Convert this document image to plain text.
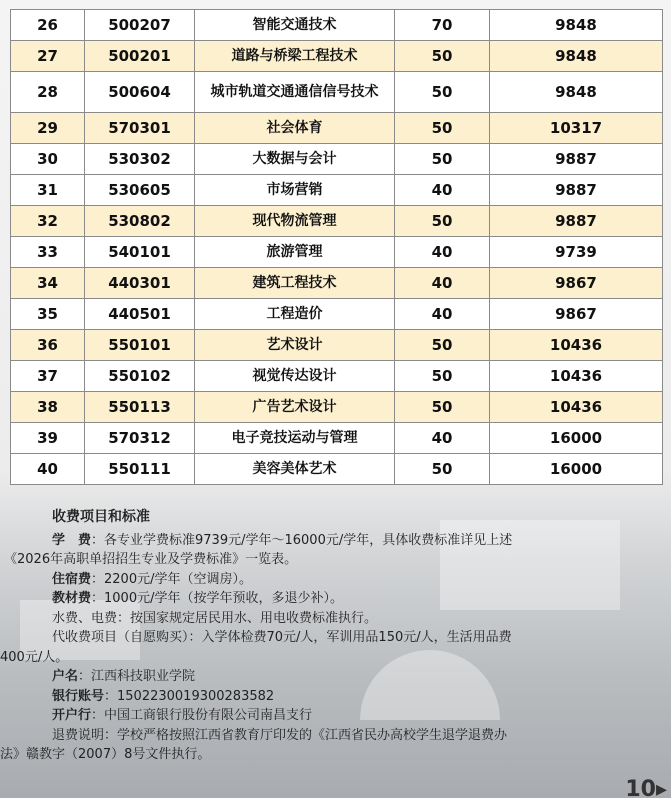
26	500207	智能交通技术	70	9848
27	500201	道路与桥梁工程技术	50	9848
28	500604	城市轨道交通通信信号技术	50	9848
29	570301	社会体育	50	10317
30	530302	大数据与会计	50	9887
31	530605	市场营销	40	9887
32	530802	现代物流管理	50	9887
33	540101	旅游管理	40	9739
34	440301	建筑工程技术	40	9867
35	440501	工程造价	40	9867
36	550101	艺术设计	50	10436
37	550102	视觉传达设计	50	10436
38	550113	广告艺术设计	50	10436
39	570312	电子竞技运动与管理	40	16000
40	550111	美容美体艺术	50	16000
收费项目和标准
学　费：各专业学费标准9739元/学年～16000元/学年，具体收费标准详见上述
《2026年高职单招招生专业及学费标准》一览表。
住宿费：2200元/学年（空调房）。
教材费：1000元/学年（按学年预收，多退少补）。
水费、电费：按国家规定居民用水、用电收费标准执行。
代收费项目（自愿购买）：入学体检费70元/人，军训用品150元/人，生活用品费
400元/人。
户名：江西科技职业学院
银行账号：1502230019300283582
开户行：中国工商银行股份有限公司南昌支行
退费说明：学校严格按照江西省教育厅印发的《江西省民办高校学生退学退费办
法》赣教字（2007）8号文件执行。
10▸
